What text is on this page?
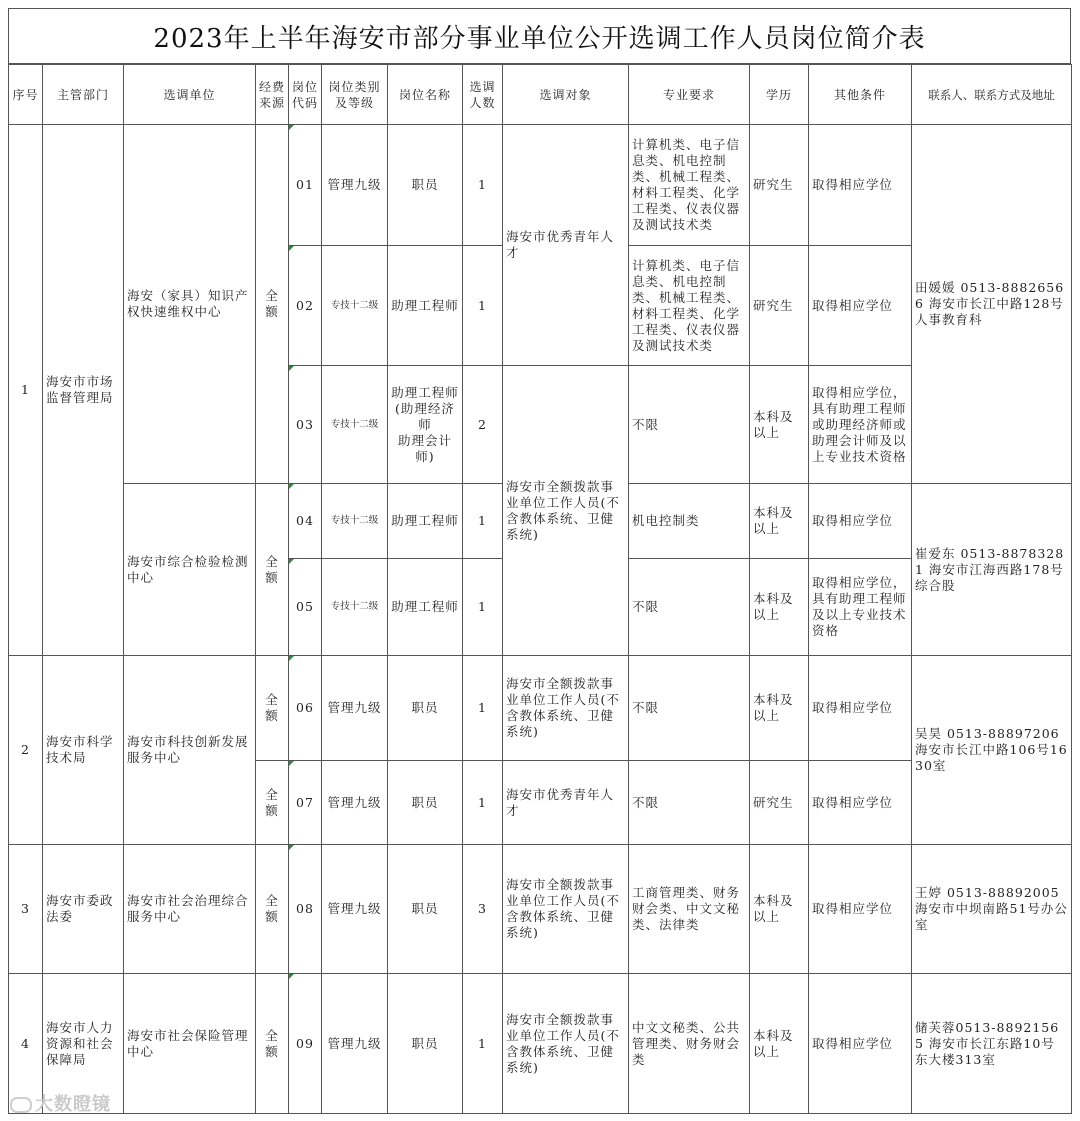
2023年上半年海安市部分事业单位公开选调工作人员岗位简介表
序号	主管部门	选调单位	经费来源	岗位代码	岗位类别及等级	岗位名称	选调人数	选调对象	专业要求	学历	其他条件	联系人、联系方式及地址
1	海安市市场监督管理局	海安（家具）知识产权快速维权中心	全额	01	管理九级	职员	1	海安市优秀青年人才	计算机类、电子信息类、机电控制类、机械工程类、材料工程类、化学工程类、仪表仪器及测试技术类	研究生	取得相应学位	田媛媛 0513-88826566 海安市长江中路128号人事教育科
				02	专技十二级	助理工程师	1		计算机类、电子信息类、机电控制类、机械工程类、材料工程类、化学工程类、仪表仪器及测试技术类	研究生	取得相应学位	
				03	专技十二级	助理工程师
(助理经济
师
助理会计
师)	2	海安市全额拨款事业单位工作人员(不含教体系统、卫健系统)	不限	本科及以上	取得相应学位，具有助理工程师或助理经济师或助理会计师及以上专业技术资格	
		海安市综合检验检测中心	全额	04	专技十二级	助理工程师	1		机电控制类	本科及以上	取得相应学位	崔爱东 0513-88783281 海安市江海西路178号综合股
				05	专技十二级	助理工程师	1		不限	本科及以上	取得相应学位，具有助理工程师及以上专业技术资格	
2	海安市科学技术局	海安市科技创新发展服务中心	全额	06	管理九级	职员	1	海安市全额拨款事业单位工作人员(不含教体系统、卫健系统)	不限	本科及以上	取得相应学位	吴昊 0513-88897206 海安市长江中路106号1630室
			全额	07	管理九级	职员	1	海安市优秀青年人才	不限	研究生	取得相应学位	
3	海安市委政法委	海安市社会治理综合服务中心	全额	08	管理九级	职员	3	海安市全额拨款事业单位工作人员(不含教体系统、卫健系统)	工商管理类、财务财会类、中文文秘类、法律类	本科及以上	取得相应学位	王婷 0513-88892005 海安市中坝南路51号办公室
4	海安市人力资源和社会保障局	海安市社会保险管理中心	全额	09	管理九级	职员	1	海安市全额拨款事业单位工作人员(不含教体系统、卫健系统)	中文文秘类、公共管理类、财务财会类	本科及以上	取得相应学位	储芙蓉0513-88921565 海安市长江东路10号东大楼313室
大数瞪镜
